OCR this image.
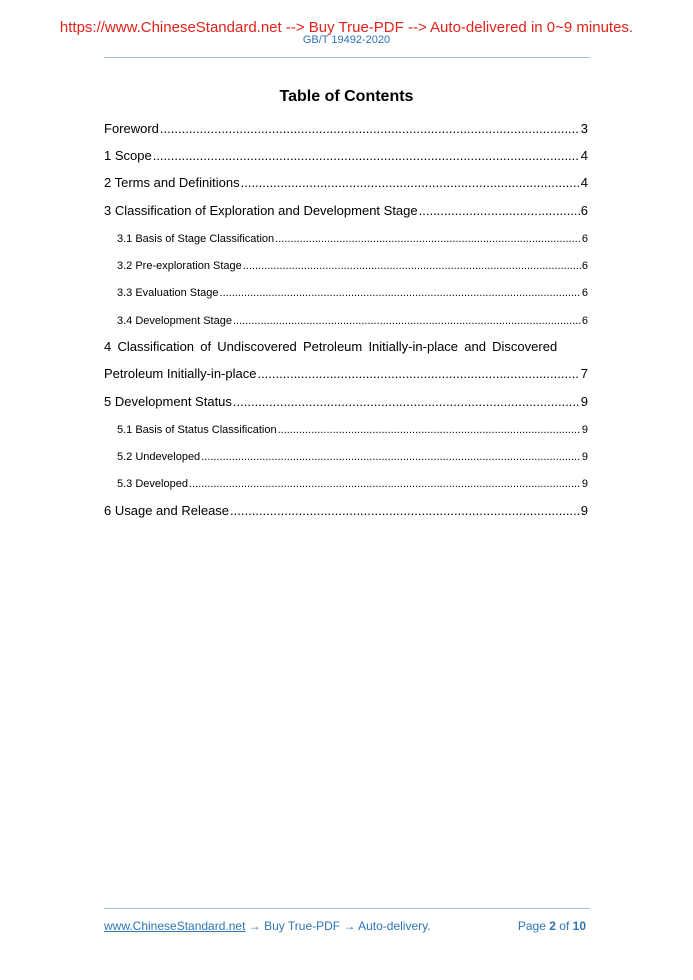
https://www.ChineseStandard.net --> Buy True-PDF --> Auto-delivered in 0~9 minutes.
GB/T 19492-2020
Table of Contents
Foreword .....	3
1 Scope .....	4
2 Terms and Definitions .....	4
3 Classification of Exploration and Development Stage .....	6
3.1 Basis of Stage Classification .....	6
3.2 Pre-exploration Stage .....	6
3.3 Evaluation Stage .....	6
3.4 Development Stage .....	6
4 Classification of Undiscovered Petroleum Initially-in-place and Discovered
Petroleum Initially-in-place .....	7
5 Development Status .....	9
5.1 Basis of Status Classification .....	9
5.2 Undeveloped .....	9
5.3 Developed .....	9
6 Usage and Release .....	9
www.ChineseStandard.net → Buy True-PDF → Auto-delivery.	Page 2 of 10
